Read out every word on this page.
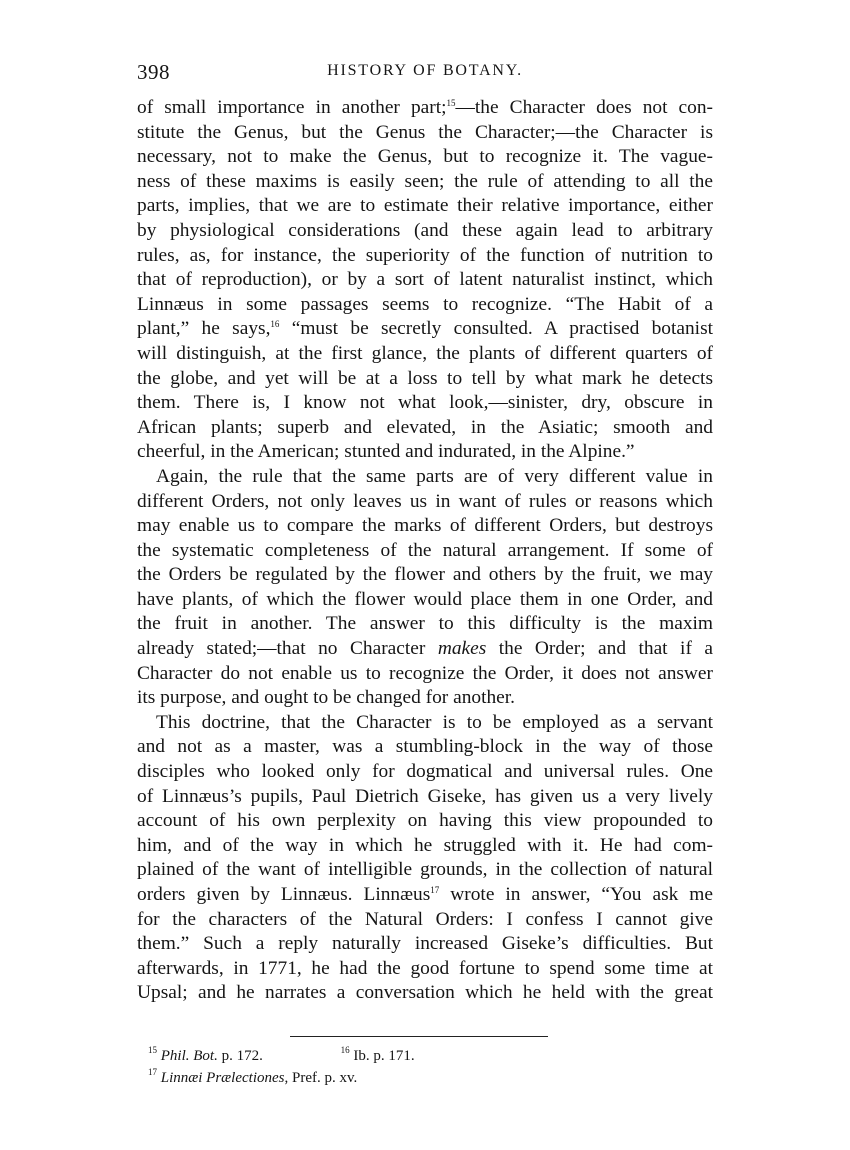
398	HISTORY OF BOTANY.
of small importance in another part;$^{15}$—the Character does not con-
stitute the Genus, but the Genus the Character;—the Character is
necessary, not to make the Genus, but to recognize it. The vague-
ness of these maxims is easily seen; the rule of attending to all the
parts, implies, that we are to estimate their relative importance, either
by physiological considerations (and these again lead to arbitrary
rules, as, for instance, the superiority of the function of nutrition to
that of reproduction), or by a sort of latent naturalist instinct, which
Linnæus in some passages seems to recognize. “The Habit of a
plant,” he says,$^{16}$ “must be secretly consulted. A practised botanist
will distinguish, at the first glance, the plants of different quarters of
the globe, and yet will be at a loss to tell by what mark he detects
them. There is, I know not what look,—sinister, dry, obscure in
African plants; superb and elevated, in the Asiatic; smooth and
cheerful, in the American; stunted and indurated, in the Alpine.”
Again, the rule that the same parts are of very different value in
different Orders, not only leaves us in want of rules or reasons which
may enable us to compare the marks of different Orders, but destroys
the systematic completeness of the natural arrangement. If some of
the Orders be regulated by the flower and others by the fruit, we may
have plants, of which the flower would place them in one Order, and
the fruit in another. The answer to this difficulty is the maxim
already stated;—that no Character makes the Order; and that if a
Character do not enable us to recognize the Order, it does not answer
its purpose, and ought to be changed for another.
This doctrine, that the Character is to be employed as a servant
and not as a master, was a stumbling-block in the way of those
disciples who looked only for dogmatical and universal rules. One
of Linnæus’s pupils, Paul Dietrich Giseke, has given us a very lively
account of his own perplexity on having this view propounded to
him, and of the way in which he struggled with it. He had com-
plained of the want of intelligible grounds, in the collection of natural
orders given by Linnæus. Linnæus$^{17}$ wrote in answer, “You ask me
for the characters of the Natural Orders: I confess I cannot give
them.” Such a reply naturally increased Giseke’s difficulties. But
afterwards, in 1771, he had the good fortune to spend some time at
Upsal; and he narrates a conversation which he held with the great
$^{15}$ Phil. Bot. p. 172.	$^{16}$ Ib. p. 171.
$^{17}$ Linnæi Prælectiones, Pref. p. xv.
